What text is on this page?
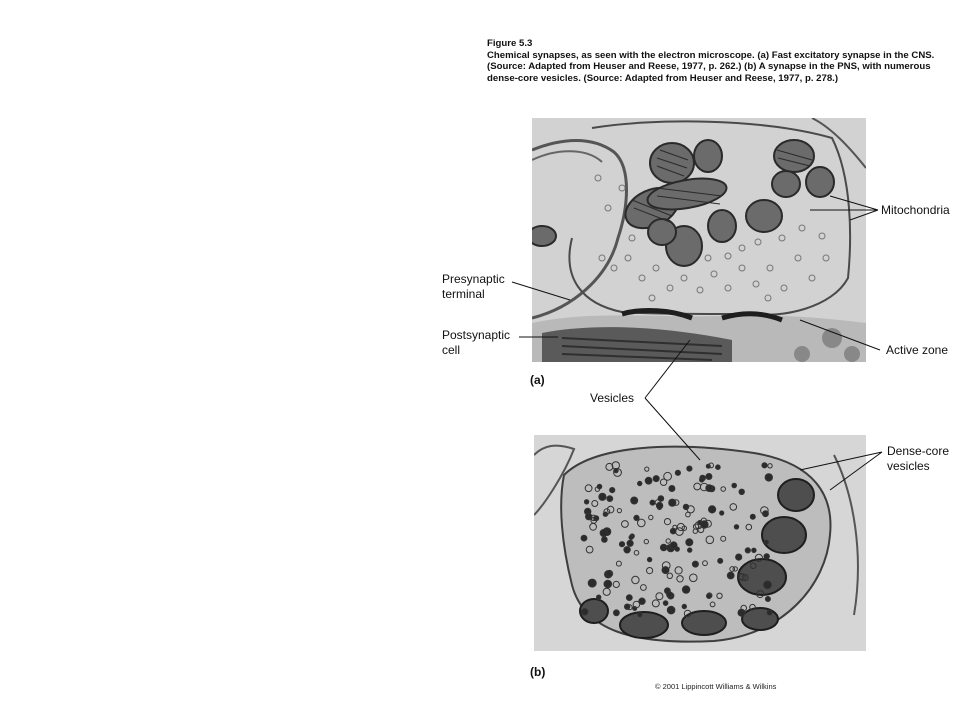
Figure 5.3
Chemical synapses, as seen with the electron microscope. (a) Fast excitatory synapse in the CNS.
(Source: Adapted from Heuser and Reese, 1977, p. 262.) (b) A synapse in the PNS, with numerous
dense-core vesicles. (Source: Adapted from Heuser and Reese, 1977, p. 278.)
Presynaptic
terminal
Postsynaptic
cell
Mitochondria
Active zone
Vesicles
Dense-core
vesicles
(a)
(b)
© 2001 Lippincott Williams & Wilkins
